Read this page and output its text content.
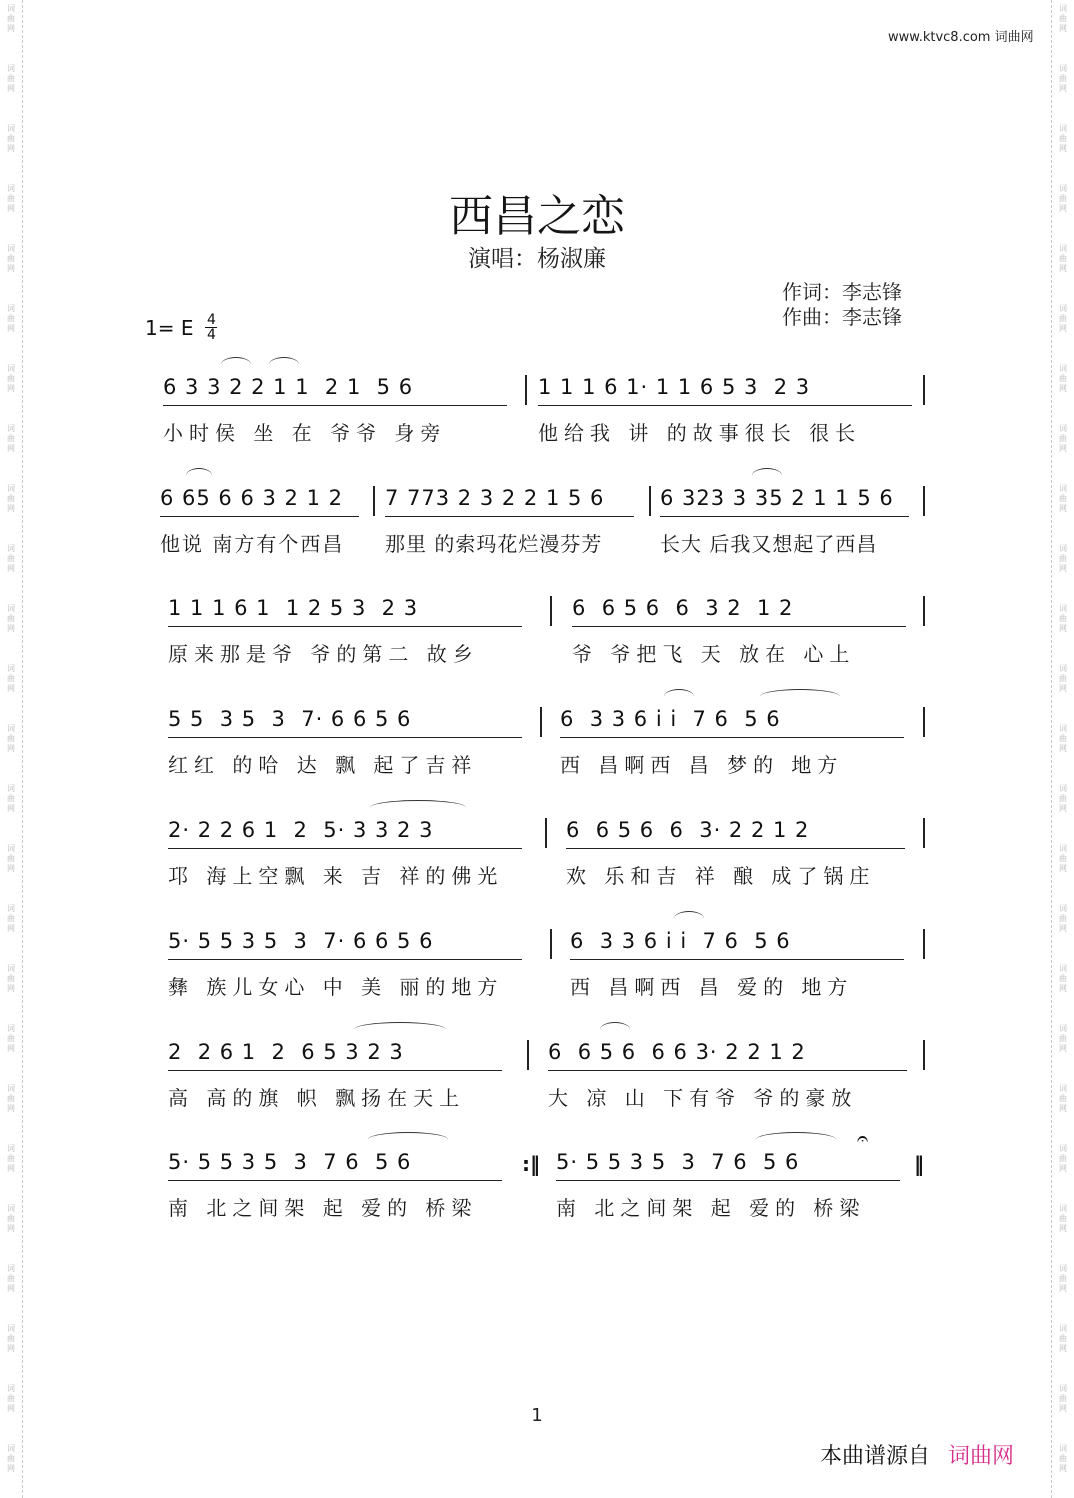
词
曲
网
词
曲
网
词
曲
网
词
曲
网
词
曲
网
词
曲
网
词
曲
网
词
曲
网
词
曲
网
词
曲
网
词
曲
网
词
曲
网
词
曲
网
词
曲
网
词
曲
网
词
曲
网
词
曲
网
词
曲
网
词
曲
网
词
曲
网
词
曲
网
词
曲
网
词
曲
网
词
曲
网
词
曲
网
词
曲
网
词
曲
网
词
曲
网
词
曲
网
词
曲
网
词
曲
网
词
曲
网
词
曲
网
词
曲
网
词
曲
网
词
曲
网
词
曲
网
词
曲
网
词
曲
网
词
曲
网
词
曲
网
词
曲
网
词
曲
网
词
曲
网
词
曲
网
词
曲
网
词
曲
网
词
曲
网
词
曲
网
词
曲
网
www.ktvc8.com 词曲网
西昌之恋
演唱：杨淑廉
作词：李志锋
作曲：李志锋
1= E 4
4
6 3 3 2 2 1 1  2 1  5 6
小时侯 坐 在 爷爷 身旁
1 1 1 6 1· 1 1 6 5 3  2 3
他给我 讲 的故事很长 很长
6 65 6 6 3 2 1 2
他说 南方有个西昌
7 773 2 3 2 2 1 5 6
那里 的索玛花烂漫芬芳
6 323 3 35 2 1 1 5 6
长大 后我又想起了西昌
1 1 1 6 1  1 2 5 3  2 3
原来那是爷 爷的第二 故乡
6  6 5 6  6  3 2  1 2
爷 爷把飞 天 放在 心上
5 5  3 5  3  7· 6 6 5 6
红红 的哈 达 飘 起了吉祥
6  3 3 6 i i  7 6  5 6
西 昌啊西 昌 梦的 地方
2· 2 2 6 1  2  5· 3 3 2 3
邛 海上空飘 来 吉 祥的佛光
6  6 5 6  6  3· 2 2 1 2
欢 乐和吉 祥 酿 成了锅庄
5· 5 5 3 5  3  7· 6 6 5 6
彝 族儿女心 中 美 丽的地方
6  3 3 6 i i  7 6  5 6
西 昌啊西 昌 爱的 地方
2  2 6 1  2  6 5 3 2 3
高 高的旗 帜 飘扬在天上
6  6 5 6  6 6 3· 2 2 1 2
大 凉 山 下有爷 爷的豪放
5· 5 5 3 5  3  7 6  5 6
南 北之间架 起 爱的 桥梁
:‖ 5· 5 5 3 5  3  7 6  5 6
南 北之间架 起 爱的 桥梁
𝄐
‖
1
本曲谱源自 词曲网
